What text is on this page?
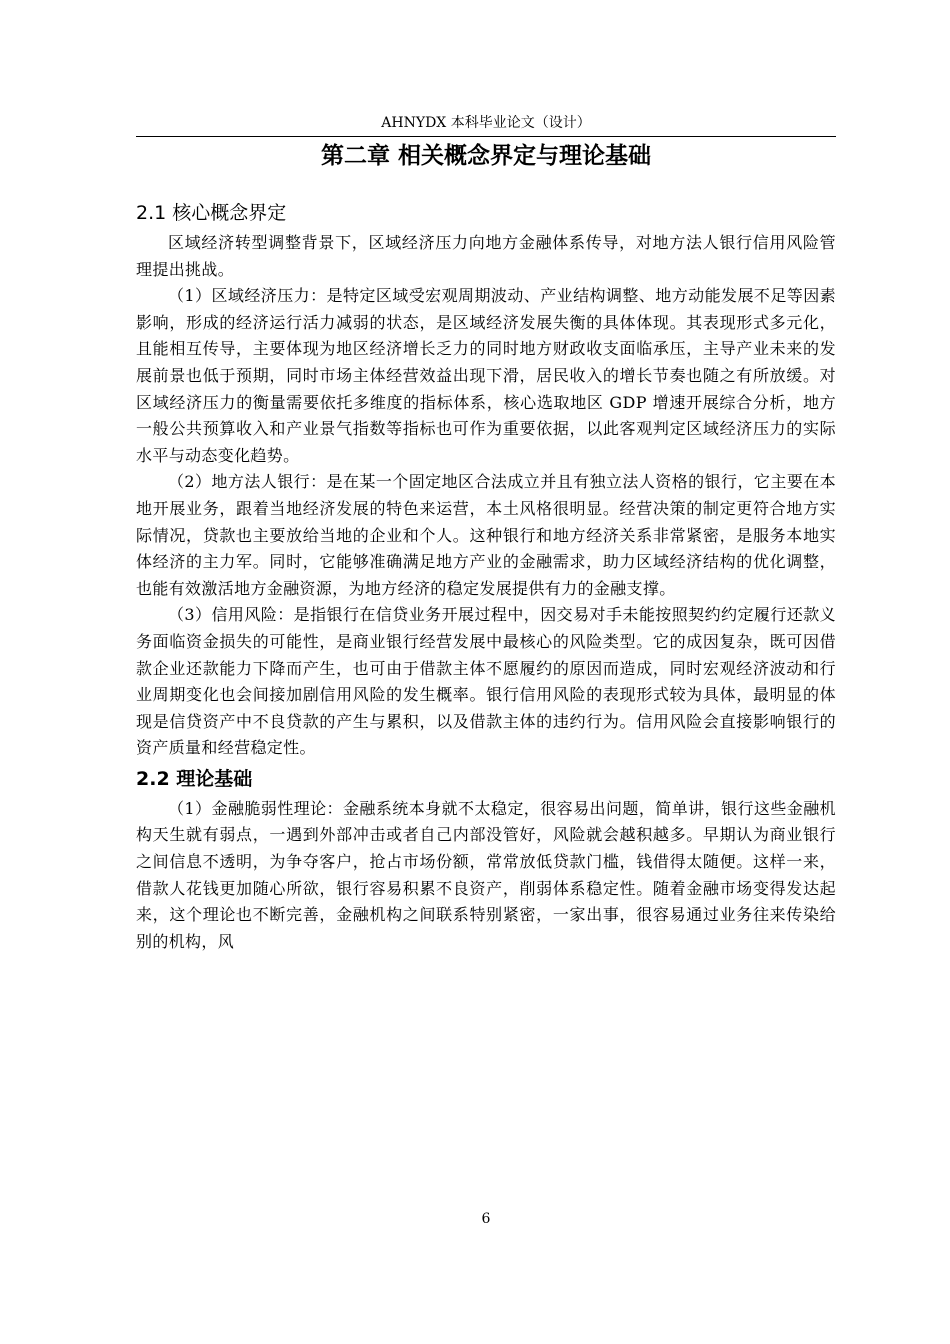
AHNYDX 本科毕业论文（设计）
第二章 相关概念界定与理论基础
2.1 核心概念界定

区域经济转型调整背景下，区域经济压力向地方金融体系传导，对地方法人银行信用风险管理提出挑战。

（1）区域经济压力：是特定区域受宏观周期波动、产业结构调整、地方动能发展不足等因素影响，形成的经济运行活力减弱的状态，是区域经济发展失衡的具体体现。其表现形式多元化，且能相互传导，主要体现为地区经济增长乏力的同时地方财政收支面临承压，主导产业未来的发展前景也低于预期，同时市场主体经营效益出现下滑，居民收入的增长节奏也随之有所放缓。对区域经济压力的衡量需要依托多维度的指标体系，核心选取地区 GDP 增速开展综合分析，地方一般公共预算收入和产业景气指数等指标也可作为重要依据，以此客观判定区域经济压力的实际水平与动态变化趋势。

（2）地方法人银行：是在某一个固定地区合法成立并且有独立法人资格的银行，它主要在本地开展业务，跟着当地经济发展的特色来运营，本土风格很明显。经营决策的制定更符合地方实际情况，贷款也主要放给当地的企业和个人。这种银行和地方经济关系非常紧密，是服务本地实体经济的主力军。同时，它能够准确满足地方产业的金融需求，助力区域经济结构的优化调整，也能有效激活地方金融资源，为地方经济的稳定发展提供有力的金融支撑。

（3）信用风险：是指银行在信贷业务开展过程中，因交易对手未能按照契约约定履行还款义务面临资金损失的可能性，是商业银行经营发展中最核心的风险类型。它的成因复杂，既可因借款企业还款能力下降而产生，也可由于借款主体不愿履约的原因而造成，同时宏观经济波动和行业周期变化也会间接加剧信用风险的发生概率。银行信用风险的表现形式较为具体，最明显的体现是信贷资产中不良贷款的产生与累积，以及借款主体的违约行为。信用风险会直接影响银行的资产质量和经营稳定性。

2.2 理论基础

（1）金融脆弱性理论：金融系统本身就不太稳定，很容易出问题，简单讲，银行这些金融机构天生就有弱点，一遇到外部冲击或者自己内部没管好，风险就会越积越多。早期认为商业银行之间信息不透明，为争夺客户，抢占市场份额，常常放低贷款门槛，钱借得太随便。这样一来，借款人花钱更加随心所欲，银行容易积累不良资产，削弱体系稳定性。随着金融市场变得发达起来，这个理论也不断完善，金融机构之间联系特别紧密，一家出事，很容易通过业务往来传染给别的机构，风

6
